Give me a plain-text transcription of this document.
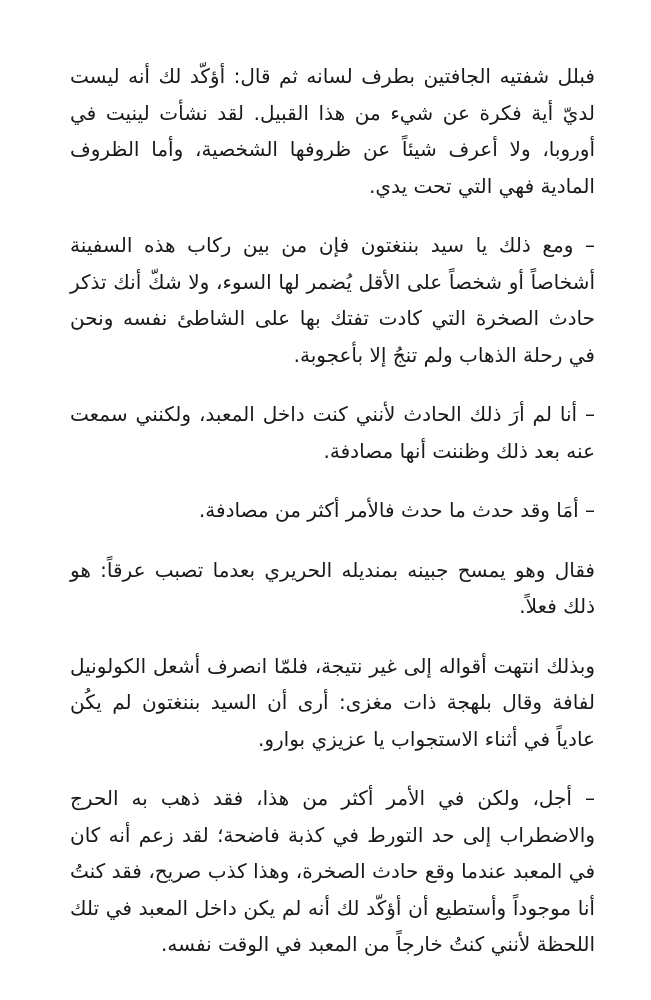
فبلل شفتيه الجافتين بطرف لسانه ثم قال: أؤكّد لك أنه ليست لديّ أية فكرة عن شيء من هذا القبيل. لقد نشأت لينيت في أوروبا، ولا أعرف شيئاً عن ظروفها الشخصية، وأما الظروف المادية فهي التي تحت يدي.

– ومع ذلك يا سيد بننغتون فإن من بين ركاب هذه السفينة أشخاصاً أو شخصاً على الأقل يُضمر لها السوء، ولا شكّ أنك تذكر حادث الصخرة التي كادت تفتك بها على الشاطئ نفسه ونحن في رحلة الذهاب ولم تنجُ إلا بأعجوبة.

– أنا لم أرَ ذلك الحادث لأنني كنت داخل المعبد، ولكنني سمعت عنه بعد ذلك وظننت أنها مصادفة.

– أمَا وقد حدث ما حدث فالأمر أكثر من مصادفة.

فقال وهو يمسح جبينه بمنديله الحريري بعدما تصبب عرقاً: هو ذلك فعلاً.

وبذلك انتهت أقواله إلى غير نتيجة، فلمّا انصرف أشعل الكولونيل لفافة وقال بلهجة ذات مغزى: أرى أن السيد بننغتون لم يكُن عادياً في أثناء الاستجواب يا عزيزي بوارو.

– أجل، ولكن في الأمر أكثر من هذا، فقد ذهب به الحرج والاضطراب إلى حد التورط في كذبة فاضحة؛ لقد زعم أنه كان في المعبد عندما وقع حادث الصخرة، وهذا كذب صريح، فقد كنتُ أنا موجوداً وأستطيع أن أؤكّد لك أنه لم يكن داخل المعبد في تلك اللحظة لأنني كنتُ خارجاً من المعبد في الوقت نفسه.
